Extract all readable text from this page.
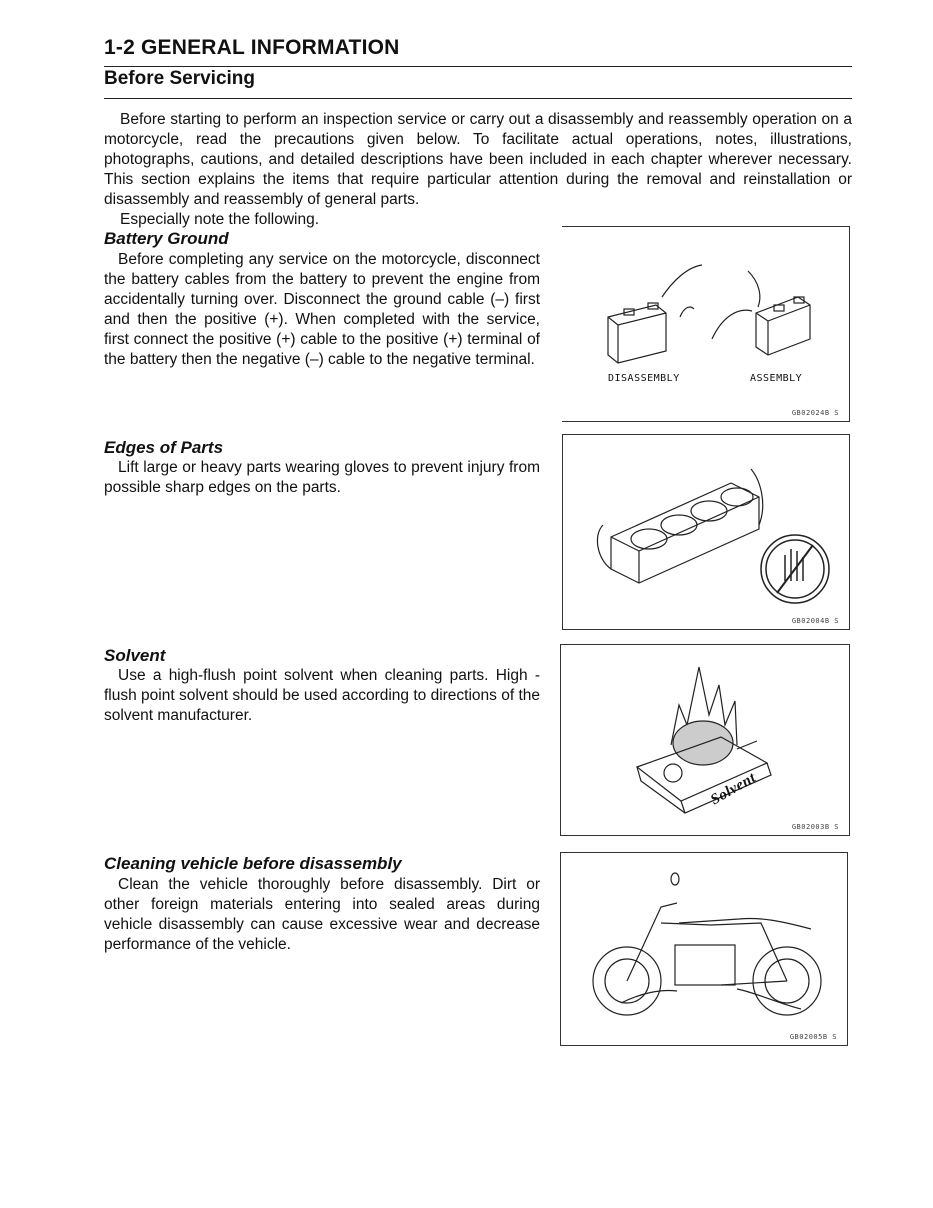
1-2 GENERAL INFORMATION
Before Servicing

Before starting to perform an inspection service or carry out a disassembly and reassembly operation on a motorcycle, read the precautions given below. To facilitate actual operations, notes, illustrations, photographs, cautions, and detailed descriptions have been included in each chapter wherever necessary. This section explains the items that require particular attention during the removal and reinstallation or disassembly and reassembly of general parts.

Especially note the following.

Battery Ground

Before completing any service on the motorcycle, disconnect the battery cables from the battery to prevent the engine from accidentally turning over. Disconnect the ground cable (–) first and then the positive (+). When completed with the service, first connect the positive (+) cable to the positive (+) terminal of the battery then the negative (–) cable to the negative terminal.

DISASSEMBLY	ASSEMBLY
GB02024B S
Edges of Parts

Lift large or heavy parts wearing gloves to prevent injury from possible sharp edges on the parts.

GB02004B S
Solvent

Use a high-flush point solvent when cleaning parts. High -flush point solvent should be used according to directions of the solvent manufacturer.

Solvent
GB02003B S
Cleaning vehicle before disassembly

Clean the vehicle thoroughly before disassembly. Dirt or other foreign materials entering into sealed areas during vehicle disassembly can cause excessive wear and decrease performance of the vehicle.

GB02005B S
